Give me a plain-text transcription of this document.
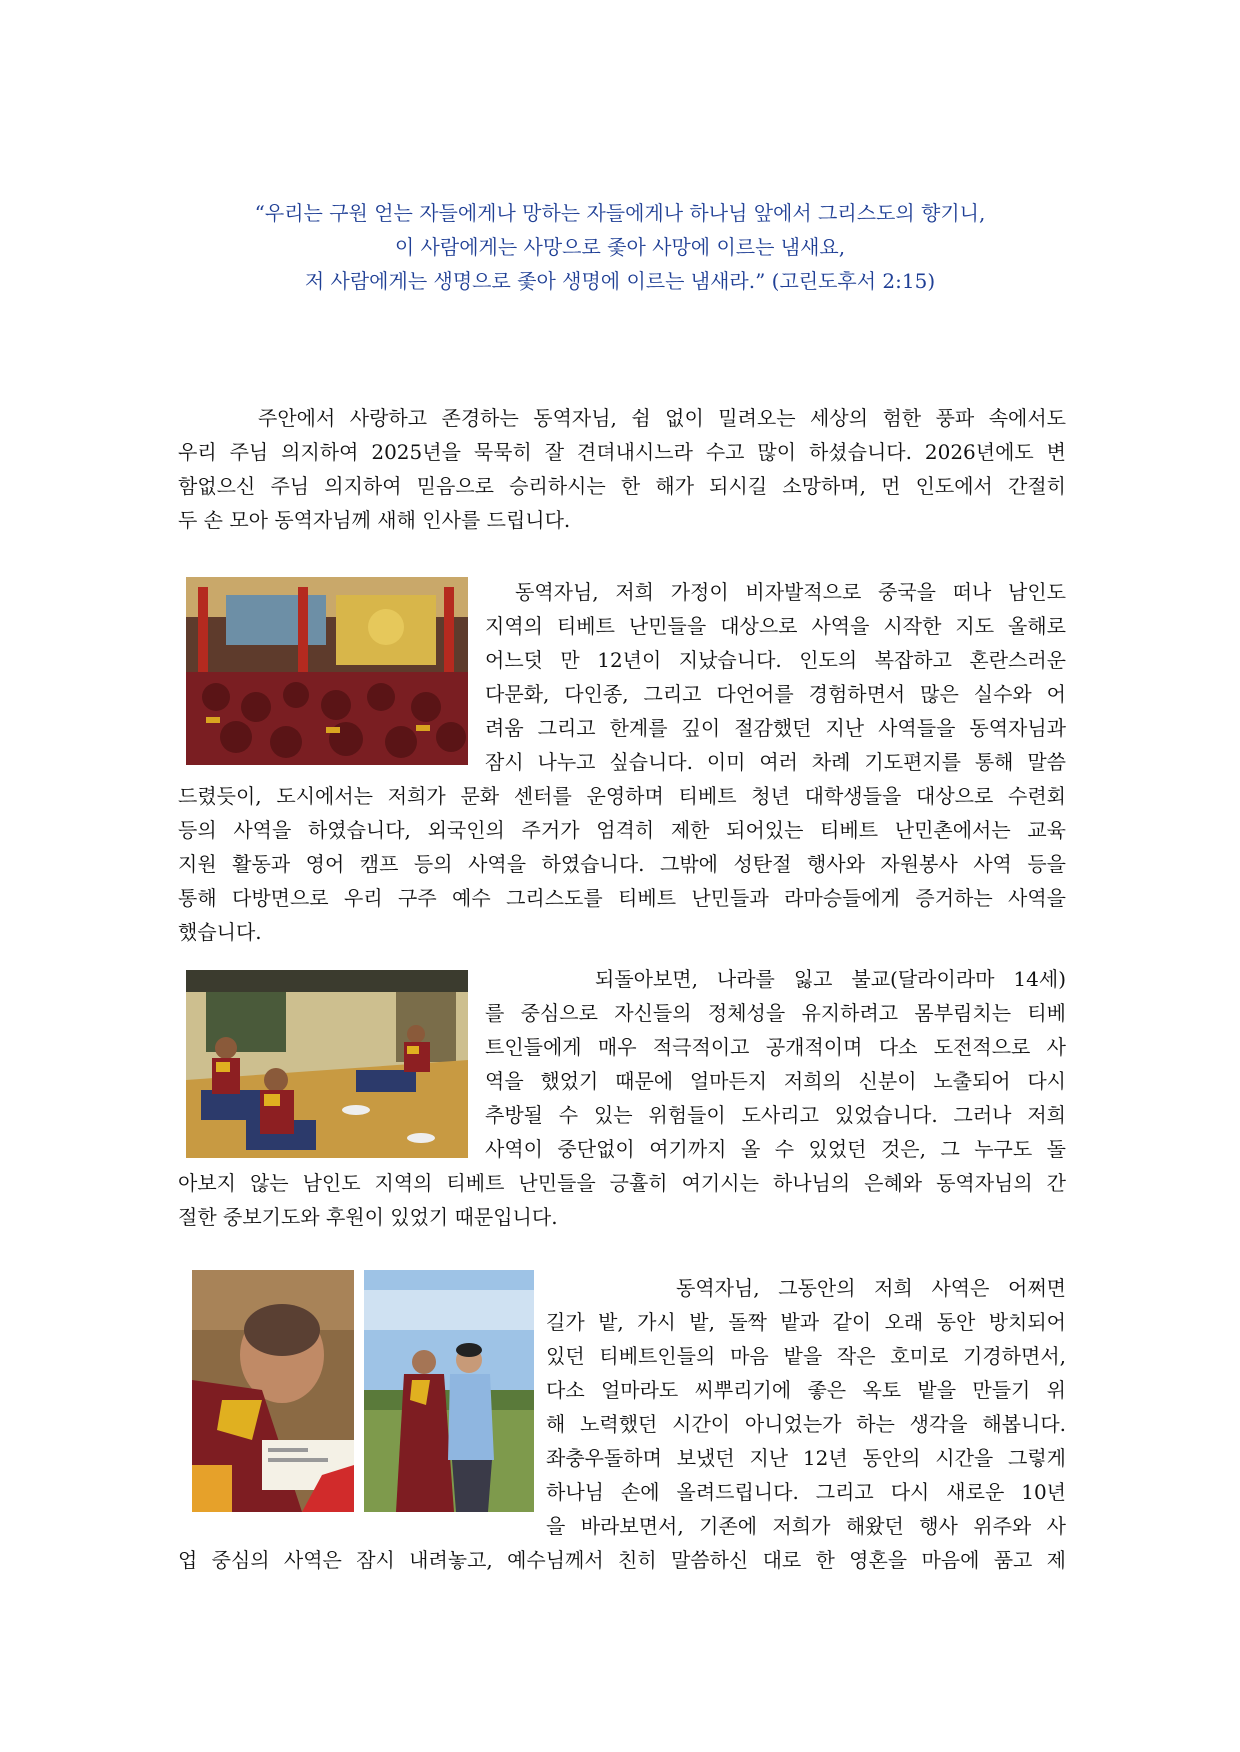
“우리는 구원 얻는 자들에게나 망하는 자들에게나 하나님 앞에서 그리스도의 향기니,
이 사람에게는 사망으로 좇아 사망에 이르는 냄새요,
저 사람에게는 생명으로 좇아 생명에 이르는 냄새라.” (고린도후서 2:15)
주안에서 사랑하고 존경하는 동역자님, 쉼 없이 밀려오는 세상의 험한 풍파 속에서도
우리 주님 의지하여 2025년을 묵묵히 잘 견뎌내시느라 수고 많이 하셨습니다. 2026년에도 변
함없으신 주님 의지하여 믿음으로 승리하시는 한 해가 되시길 소망하며, 먼 인도에서 간절히
두 손 모아 동역자님께 새해 인사를 드립니다.
동역자님, 저희 가정이 비자발적으로 중국을 떠나 남인도
지역의 티베트 난민들을 대상으로 사역을 시작한 지도 올해로
어느덧 만 12년이 지났습니다. 인도의 복잡하고 혼란스러운
다문화, 다인종, 그리고 다언어를 경험하면서 많은 실수와 어
려움 그리고 한계를 깊이 절감했던 지난 사역들을 동역자님과
잠시 나누고 싶습니다. 이미 여러 차례 기도편지를 통해 말씀
드렸듯이, 도시에서는 저희가 문화 센터를 운영하며 티베트 청년 대학생들을 대상으로 수련회
등의 사역을 하였습니다, 외국인의 주거가 엄격히 제한 되어있는 티베트 난민촌에서는 교육
지원 활동과 영어 캠프 등의 사역을 하였습니다. 그밖에 성탄절 행사와 자원봉사 사역 등을
통해 다방면으로 우리 구주 예수 그리스도를 티베트 난민들과 라마승들에게 증거하는 사역을
했습니다.
되돌아보면, 나라를 잃고 불교(달라이라마 14세)
를 중심으로 자신들의 정체성을 유지하려고 몸부림치는 티베
트인들에게 매우 적극적이고 공개적이며 다소 도전적으로 사
역을 했었기 때문에 얼마든지 저희의 신분이 노출되어 다시
추방될 수 있는 위험들이 도사리고 있었습니다. 그러나 저희
사역이 중단없이 여기까지 올 수 있었던 것은, 그 누구도 돌
아보지 않는 남인도 지역의 티베트 난민들을 긍휼히 여기시는 하나님의 은혜와 동역자님의 간
절한 중보기도와 후원이 있었기 때문입니다.
동역자님, 그동안의 저희 사역은 어쩌면
길가 밭, 가시 밭, 돌짝 밭과 같이 오래 동안 방치되어
있던 티베트인들의 마음 밭을 작은 호미로 기경하면서,
다소 얼마라도 씨뿌리기에 좋은 옥토 밭을 만들기 위
해 노력했던 시간이 아니었는가 하는 생각을 해봅니다.
좌충우돌하며 보냈던 지난 12년 동안의 시간을 그렇게
하나님 손에 올려드립니다. 그리고 다시 새로운 10년
을 바라보면서, 기존에 저희가 해왔던 행사 위주와 사
업 중심의 사역은 잠시 내려놓고, 예수님께서 친히 말씀하신 대로 한 영혼을 마음에 품고 제
